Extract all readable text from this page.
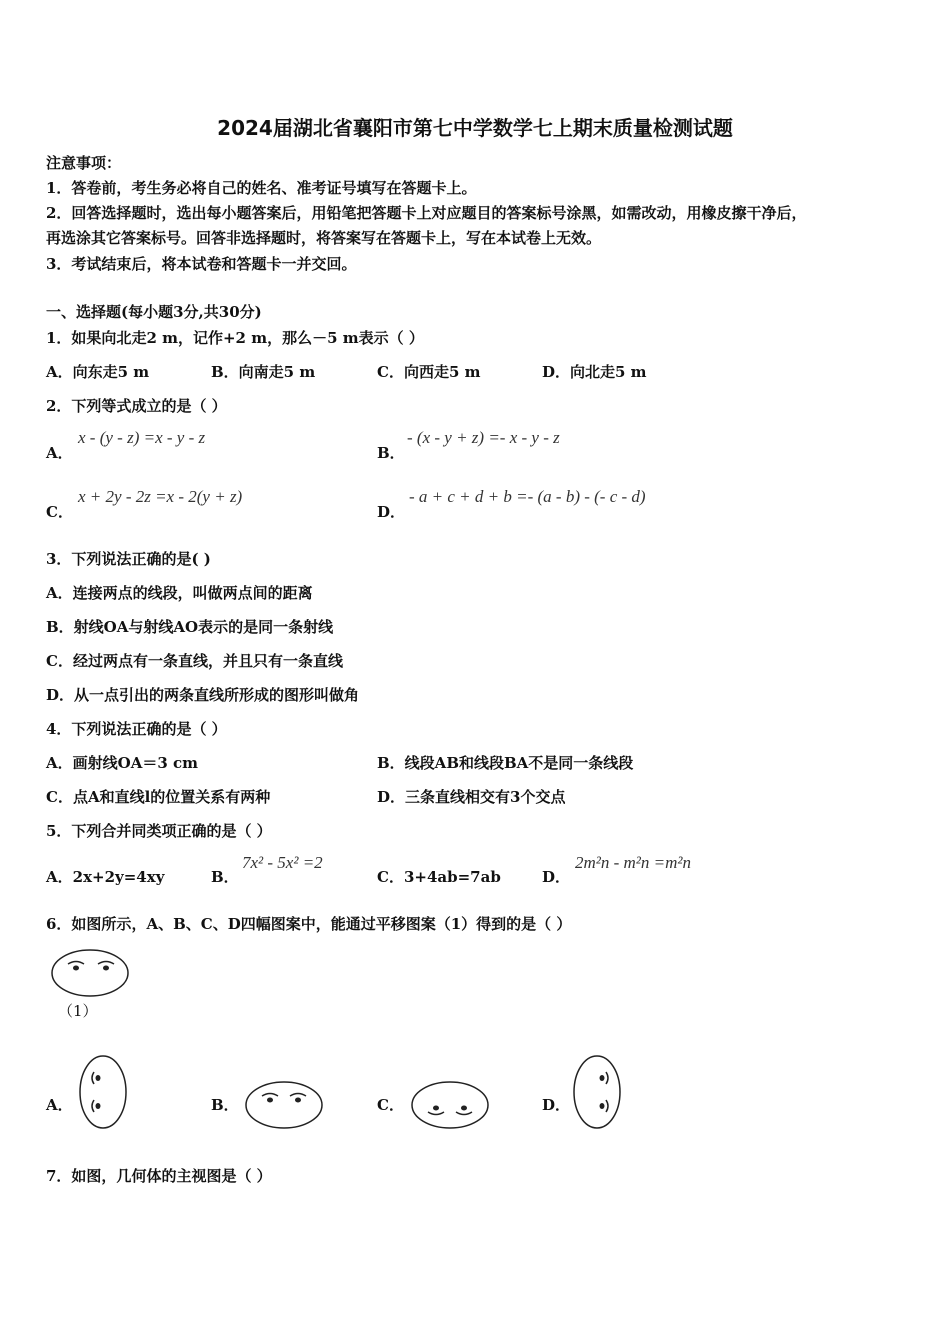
2024届湖北省襄阳市第七中学数学七上期末质量检测试题
注意事项：
1．答卷前，考生务必将自己的姓名、准考证号填写在答题卡上。
2．回答选择题时，选出每小题答案后，用铅笔把答题卡上对应题目的答案标号涂黑，如需改动，用橡皮擦干净后，
再选涂其它答案标号。回答非选择题时，将答案写在答题卡上，写在本试卷上无效。
3．考试结束后，将本试卷和答题卡一并交回。
一、选择题(每小题3分,共30分)
1．如果向北走2 m，记作+2 m，那么－5 m表示（ ）
A．向东走5 m	B．向南走5 m	C．向西走5 m	D．向北走5 m
2．下列等式成立的是（ ）
A．
x - (y - z) =x - y - z
B．
- (x - y + z) =- x - y - z
C．
x + 2y - 2z =x - 2(y + z)
D．
- a + c + d + b =- (a - b) - (- c - d)
3．下列说法正确的是( )
A．连接两点的线段，叫做两点间的距离
B．射线OA与射线AO表示的是同一条射线
C．经过两点有一条直线，并且只有一条直线
D．从一点引出的两条直线所形成的图形叫做角
4．下列说法正确的是（ ）
A．画射线OA＝3 cm	B．线段AB和线段BA不是同一条线段
C．点A和直线l的位置关系有两种	D．三条直线相交有3个交点
5．下列合并同类项正确的是（ ）
A．2x+2y=4xy	B．
7x² - 5x² =2
C．3+4ab=7ab	D．
2m²n - m²n =m²n
6．如图所示，A、B、C、D四幅图案中，能通过平移图案（1）得到的是（ ）
（1）
A．	B．	C．	D．
7．如图，几何体的主视图是（ ）
